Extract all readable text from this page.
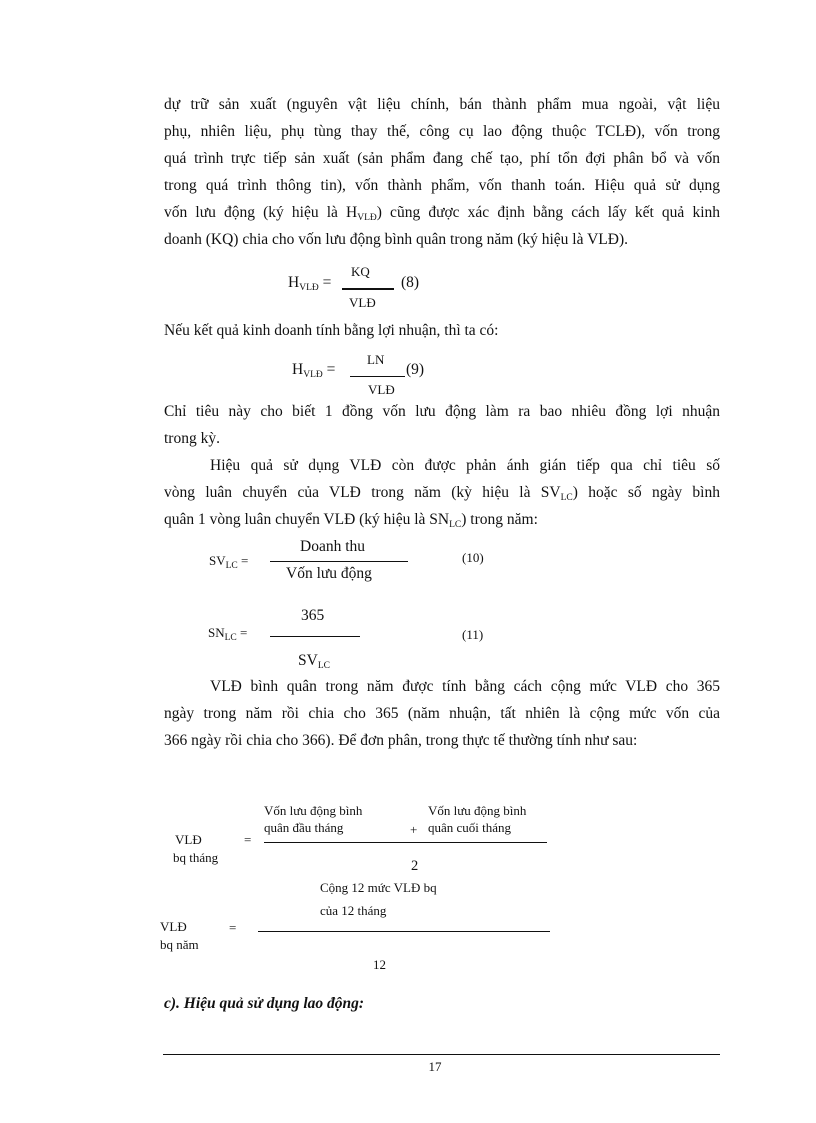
dự trữ sản xuất (nguyên vật liệu chính, bán thành phẩm mua ngoài, vật liệu
phụ, nhiên liệu, phụ tùng thay thế, công cụ lao động thuộc TCLĐ), vốn trong
quá trình trực tiếp sản xuất (sản phẩm đang chế tạo, phí tổn đợi phân bổ và vốn
trong quá trình thông tin), vốn thành phẩm, vốn thanh toán. Hiệu quả sử dụng
vốn lưu động (ký hiệu là $H_{VLĐ}$) cũng được xác định bằng cách lấy kết quả kinh
doanh (KQ) chia cho vốn lưu động bình quân trong năm (ký hiệu là VLĐ).
$H_{VLĐ}$ =
KQ
VLĐ
(8)
Nếu kết quả kinh doanh tính bằng lợi nhuận, thì ta có:
$H_{VLĐ}$ =
LN
(9)
VLĐ
Chỉ tiêu này cho biết 1 đồng vốn lưu động làm ra bao nhiêu đồng lợi nhuận
trong kỳ.
Hiệu quả sử dụng VLĐ còn được phản ánh gián tiếp qua chỉ tiêu số
vòng luân chuyển của VLĐ trong năm (kỳ hiệu là $SV_{LC}$) hoặc số ngày bình
quân 1 vòng luân chuyển VLĐ (ký hiệu là $SN_{LC}$) trong năm:
$SV_{LC}$ =
Doanh thu
Vốn lưu động
(10)
$SN_{LC}$ =
365
$SV_{LC}$
(11)
VLĐ bình quân trong năm được tính bằng cách cộng mức VLĐ cho 365
ngày trong năm rồi chia cho 365 (năm nhuận, tất nhiên là cộng mức vốn của
366 ngày rồi chia cho 366). Để đơn phân, trong thực tế thường tính như sau:
Vốn lưu động bình
quân đầu tháng	+
Vốn lưu động bình
quân cuối tháng
VLĐ	=
bq tháng
2
Cộng 12 mức VLĐ bq
của 12 tháng
VLĐ	=
bq năm
12
c). Hiệu quả sử dụng lao động:
17
